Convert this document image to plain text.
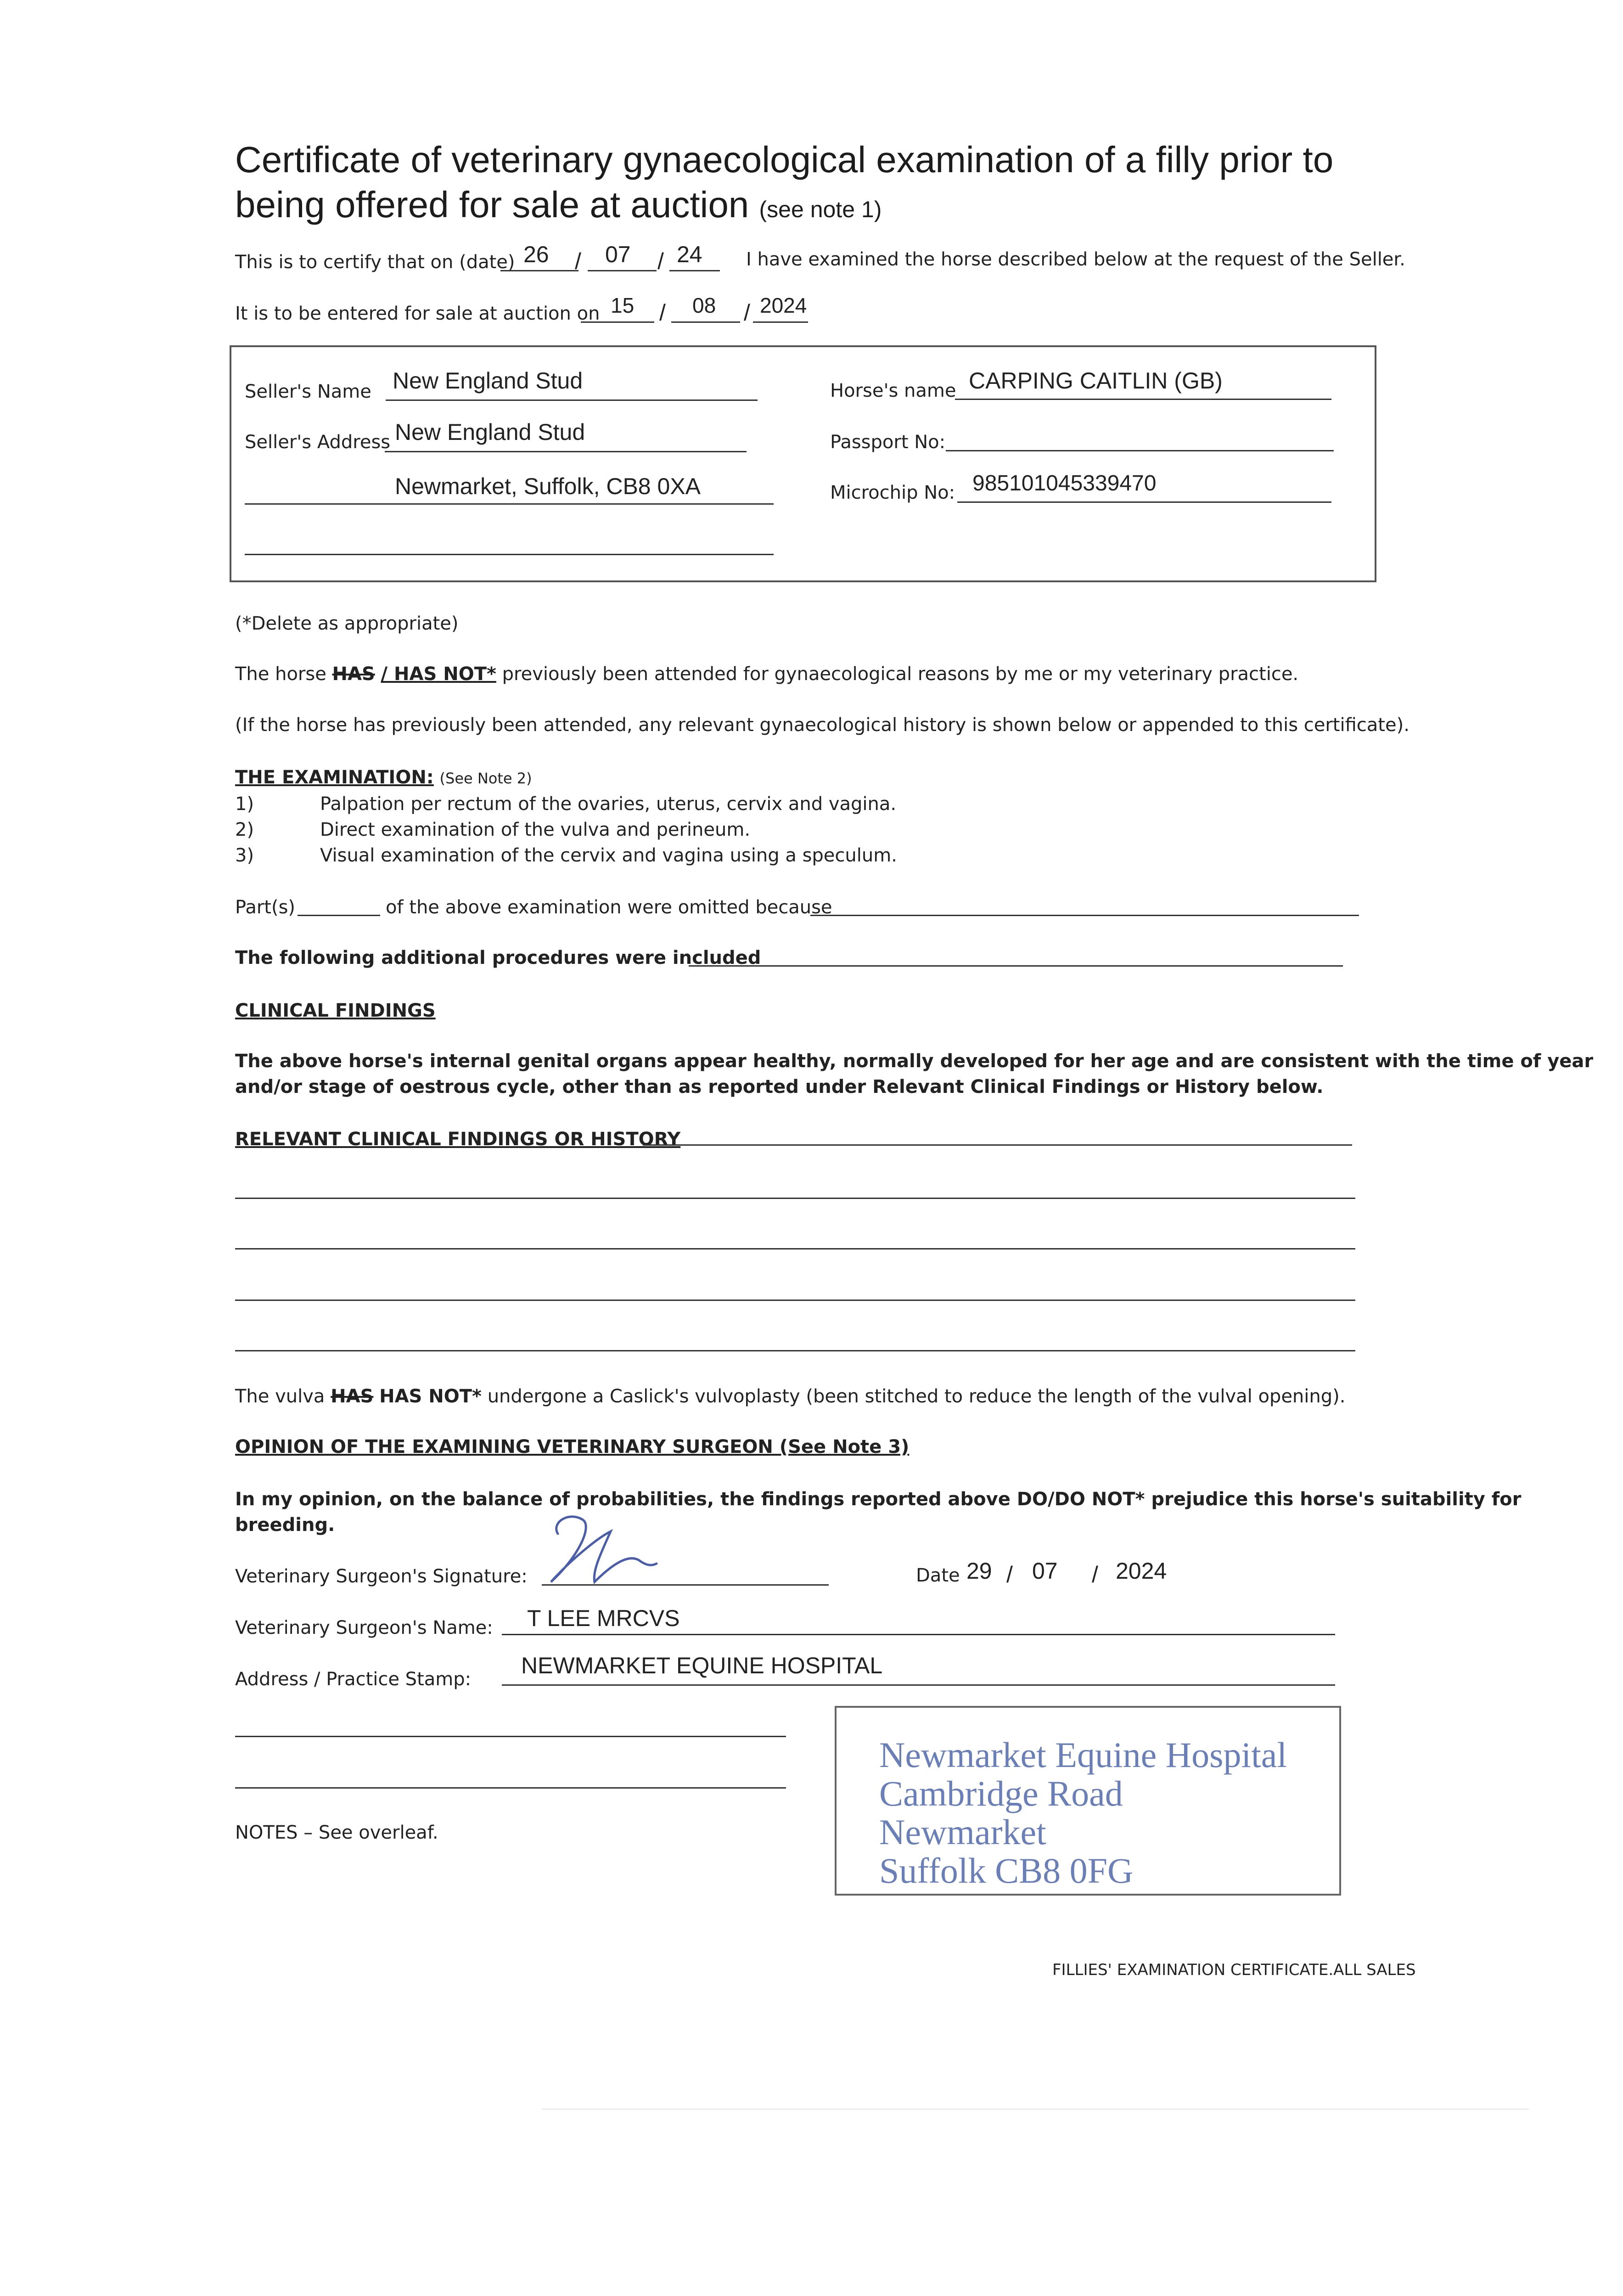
Certificate of veterinary gynaecological examination of a filly prior to
being offered for sale at auction (see note 1)
This is to certify that on (date) 26 / 07 / 24 I have examined the horse described below at the request of the Seller.
It is to be entered for sale at auction on 15 / 08 / 2024
Seller's Name New England Stud
Seller's Address New England Stud
Newmarket, Suffolk, CB8 0XA
Horse's name CARPING CAITLIN (GB)
Passport No:
Microchip No: 985101045339470
(*Delete as appropriate)
The horse HAS / HAS NOT* previously been attended for gynaecological reasons by me or my veterinary practice.
(If the horse has previously been attended, any relevant gynaecological history is shown below or appended to this certificate).
THE EXAMINATION: (See Note 2)
1)	Palpation per rectum of the ovaries, uterus, cervix and vagina.
2)	Direct examination of the vulva and perineum.
3)	Visual examination of the cervix and vagina using a speculum.
Part(s)	of the above examination were omitted because
The following additional procedures were included
CLINICAL FINDINGS
The above horse's internal genital organs appear healthy, normally developed for her age and are consistent with the time of year
and/or stage of oestrous cycle, other than as reported under Relevant Clinical Findings or History below.
RELEVANT CLINICAL FINDINGS OR HISTORY
The vulva HAS HAS NOT* undergone a Caslick's vulvoplasty (been stitched to reduce the length of the vulval opening).
OPINION OF THE EXAMINING VETERINARY SURGEON (See Note 3)
In my opinion, on the balance of probabilities, the findings reported above DO/DO NOT* prejudice this horse's suitability for
breeding.
Veterinary Surgeon's Signature:	Date 29 / 07 / 2024
Veterinary Surgeon's Name: T LEE MRCVS
Address / Practice Stamp:
NEWMARKET EQUINE HOSPITAL
NOTES – See overleaf.
Newmarket Equine Hospital
Cambridge Road
Newmarket
Suffolk CB8 0FG
FILLIES' EXAMINATION CERTIFICATE.ALL SALES
